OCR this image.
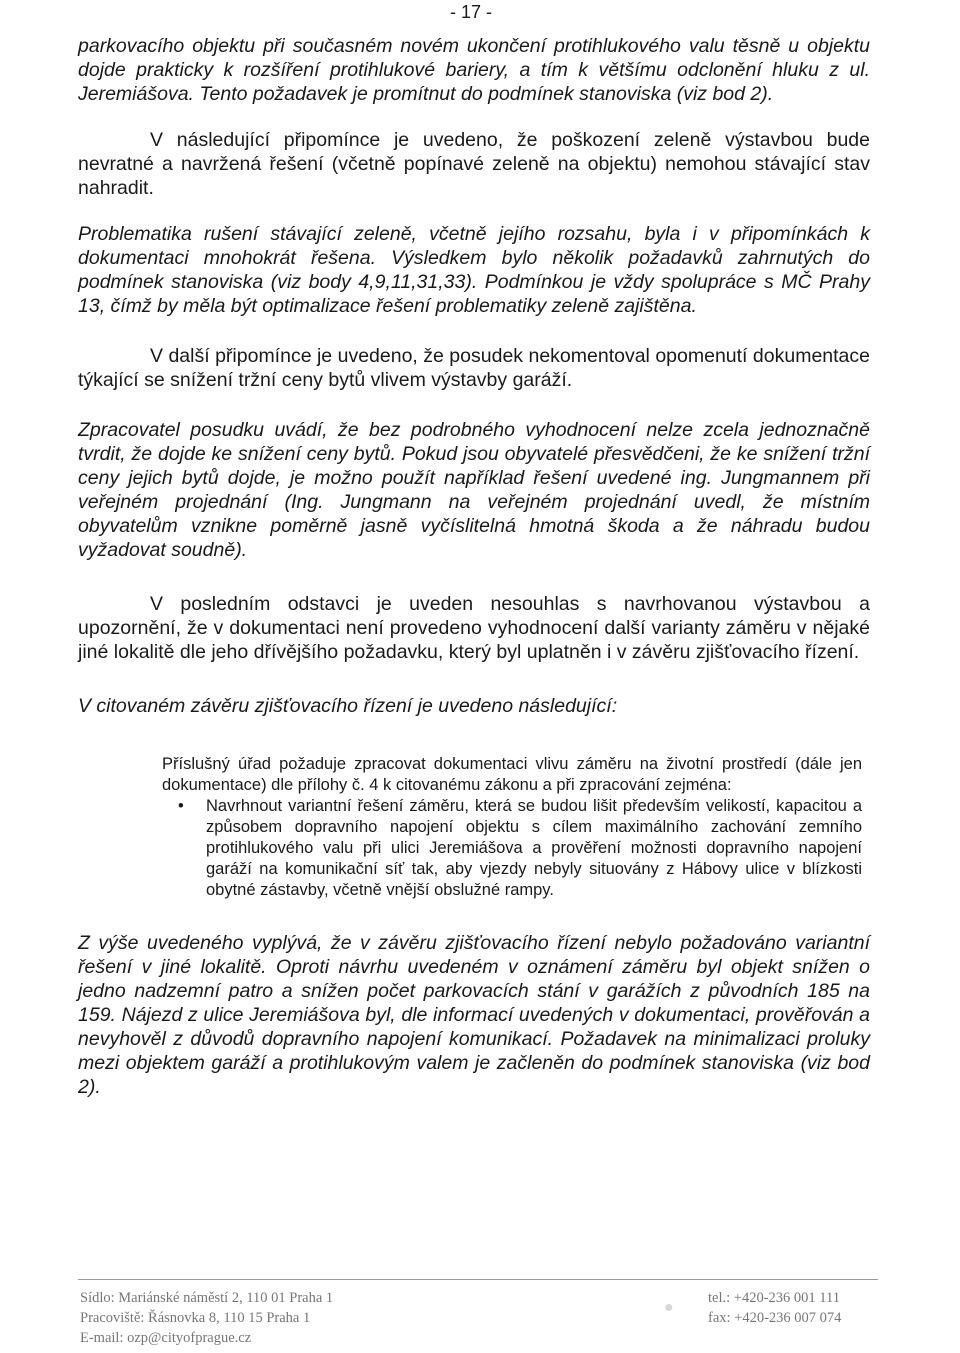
- 17 -

parkovacího objektu při současném novém ukončení protihlukového valu těsně u objektu dojde prakticky k rozšíření protihlukové bariery, a tím k většímu odclonění hluku z ul. Jeremiášova. Tento požadavek je promítnut do podmínek stanoviska (viz bod 2).

V následující připomínce je uvedeno, že poškození zeleně výstavbou bude nevratné a navržená řešení (včetně popínavé zeleně na objektu) nemohou stávající stav nahradit.

Problematika rušení stávající zeleně, včetně jejího rozsahu, byla i v připomínkách k dokumentaci mnohokrát řešena. Výsledkem bylo několik požadavků zahrnutých do podmínek stanoviska (viz body 4,9,11,31,33). Podmínkou je vždy spolupráce s MČ Prahy 13, čímž by měla být optimalizace řešení problematiky zeleně zajištěna.

V další připomínce je uvedeno, že posudek nekomentoval opomenutí dokumentace týkající se snížení tržní ceny bytů vlivem výstavby garáží.

Zpracovatel posudku uvádí, že bez podrobného vyhodnocení nelze zcela jednoznačně tvrdit, že dojde ke snížení ceny bytů. Pokud jsou obyvatelé přesvědčeni, že ke snížení tržní ceny jejich bytů dojde, je možno použít například řešení uvedené ing. Jungmannem při veřejném projednání (Ing. Jungmann na veřejném projednání uvedl, že místním obyvatelům vznikne poměrně jasně vyčíslitelná hmotná škoda a že náhradu budou vyžadovat soudně).

V posledním odstavci je uveden nesouhlas s navrhovanou výstavbou a upozornění, že v dokumentaci není provedeno vyhodnocení další varianty záměru v nějaké jiné lokalitě dle jeho dřívějšího požadavku, který byl uplatněn i v závěru zjišťovacího řízení.

V citovaném závěru zjišťovacího řízení je uvedeno následující:

Příslušný úřad požaduje zpracovat dokumentaci vlivu záměru na životní prostředí (dále jen dokumentace) dle přílohy č. 4 k citovanému zákonu a při zpracování zejména:
• Navrhnout variantní řešení záměru, která se budou lišit především velikostí, kapacitou a způsobem dopravního napojení objektu s cílem maximálního zachování zemního protihlukového valu při ulici Jeremiášova a prověření možnosti dopravního napojení garáží na komunikační síť tak, aby vjezdy nebyly situovány z Hábovy ulice v blízkosti obytné zástavby, včetně vnější obslužné rampy.

Z výše uvedeného vyplývá, že v závěru zjišťovacího řízení nebylo požadováno variantní řešení v jiné lokalitě. Oproti návrhu uvedeném v oznámení záměru byl objekt snížen o jedno nadzemní patro a snížen počet parkovacích stání v garážích z původních 185 na 159. Nájezd z ulice Jeremiášova byl, dle informací uvedených v dokumentaci, prověřován a nevyhověl z důvodů dopravního napojení komunikací. Požadavek na minimalizaci proluky mezi objektem garáží a protihlukovým valem je začleněn do podmínek stanoviska (viz bod 2).

Sídlo: Mariánské náměstí 2, 110 01 Praha 1
Pracoviště: Řásnovka 8, 110 15 Praha 1
E-mail: ozp@cityofprague.cz
●
tel.: +420-236 001 111
fax: +420-236 007 074
